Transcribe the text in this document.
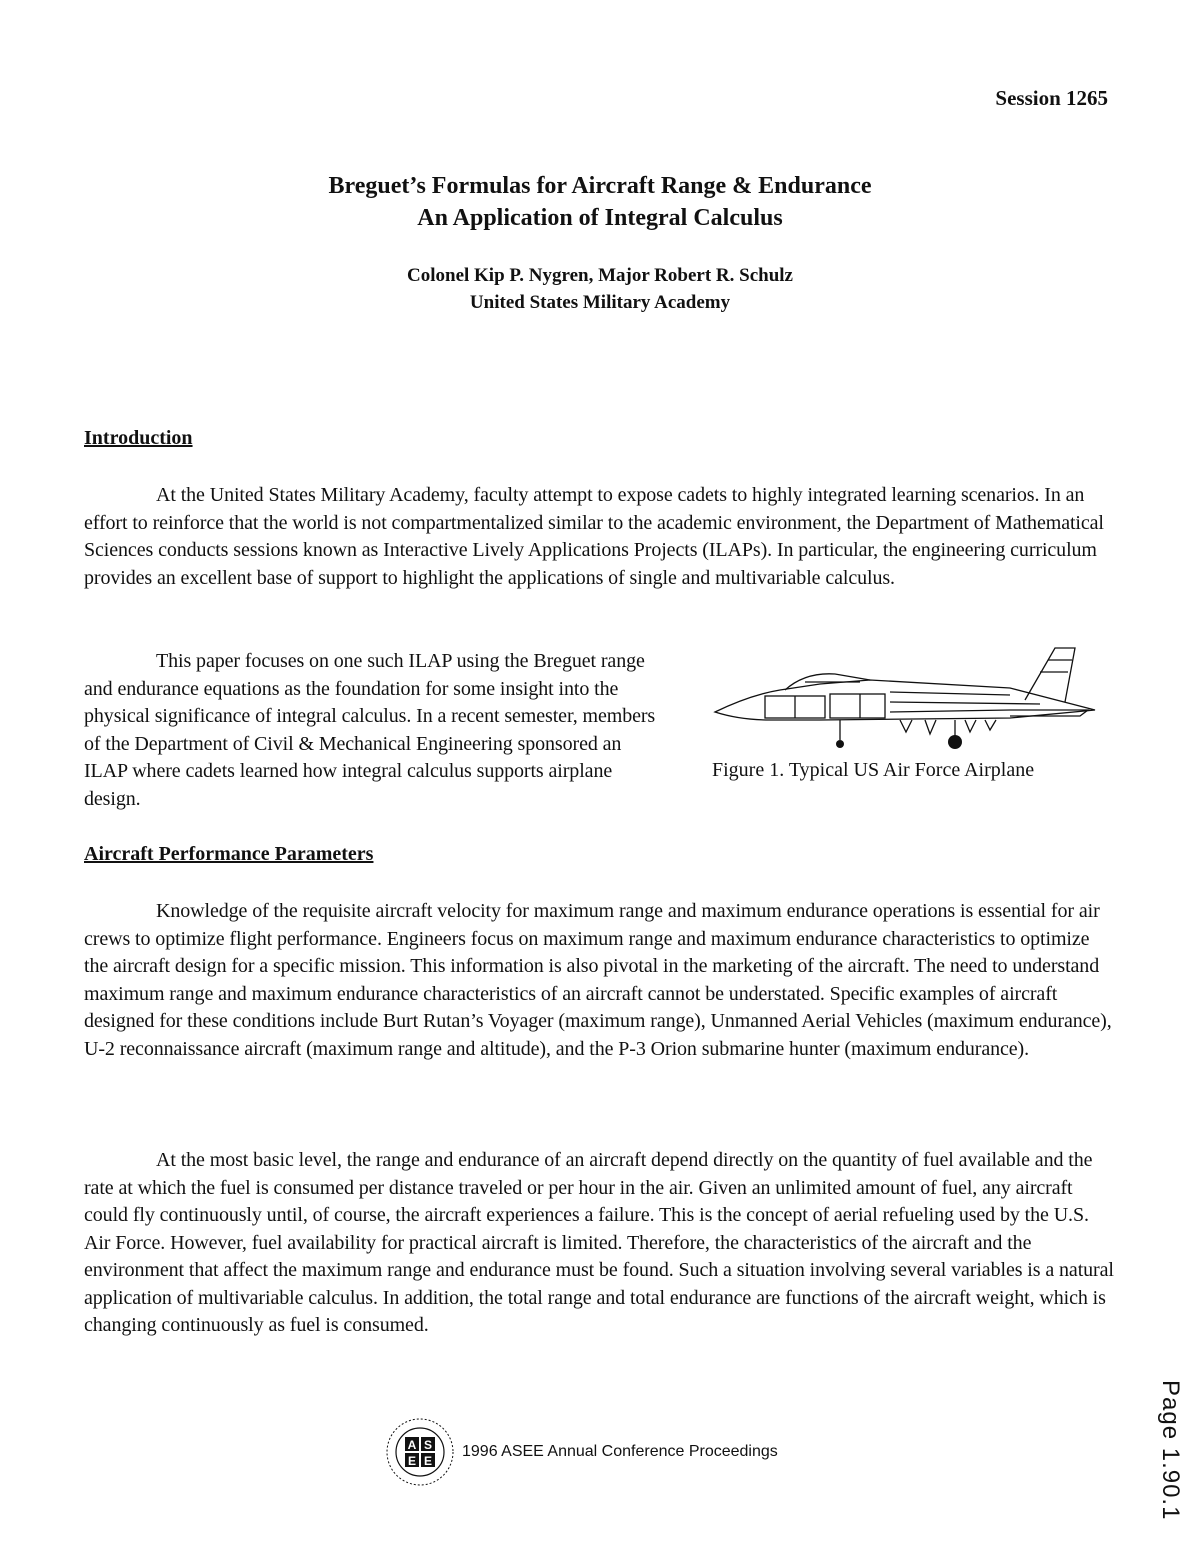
Session 1265
Breguet’s Formulas for Aircraft Range & Endurance
An Application of Integral Calculus
Colonel Kip P. Nygren, Major Robert R. Schulz
United States Military Academy
Introduction

At the United States Military Academy, faculty attempt to expose cadets to highly integrated learning scenarios. In an effort to reinforce that the world is not compartmentalized similar to the academic environment, the Department of Mathematical Sciences conducts sessions known as Interactive Lively Applications Projects (ILAPs). In particular, the engineering curriculum provides an excellent base of support to highlight the applications of single and multivariable calculus.

This paper focuses on one such ILAP using the Breguet range and endurance equations as the foundation for some insight into the physical significance of integral calculus. In a recent semester, members of the Department of Civil & Mechanical Engineering sponsored an ILAP where cadets learned how integral calculus supports airplane design.

Figure 1. Typical US Air Force Airplane
Aircraft Performance Parameters

Knowledge of the requisite aircraft velocity for maximum range and maximum endurance operations is essential for air crews to optimize flight performance. Engineers focus on maximum range and maximum endurance characteristics to optimize the aircraft design for a specific mission. This information is also pivotal in the marketing of the aircraft. The need to understand maximum range and maximum endurance characteristics of an aircraft cannot be understated. Specific examples of aircraft designed for these conditions include Burt Rutan’s Voyager (maximum range), Unmanned Aerial Vehicles (maximum endurance), U-2 reconnaissance aircraft (maximum range and altitude), and the P-3 Orion submarine hunter (maximum endurance).

At the most basic level, the range and endurance of an aircraft depend directly on the quantity of fuel available and the rate at which the fuel is consumed per distance traveled or per hour in the air. Given an unlimited amount of fuel, any aircraft could fly continuously until, of course, the aircraft experiences a failure. This is the concept of aerial refueling used by the U.S. Air Force. However, fuel availability for practical aircraft is limited. Therefore, the characteristics of the aircraft and the environment that affect the maximum range and endurance must be found. Such a situation involving several variables is a natural application of multivariable calculus. In addition, the total range and total endurance are functions of the aircraft weight, which is changing continuously as fuel is consumed.

A S
E E
1996 ASEE Annual Conference Proceedings	Page 1.90.1
